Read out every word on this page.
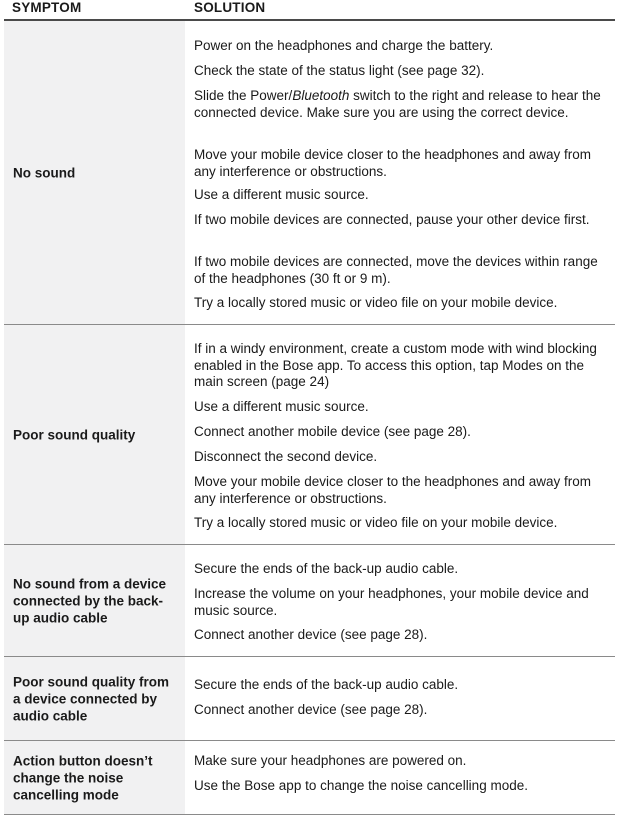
SYMPTOM	SOLUTION
No sound
Power on the headphones and charge the battery.
Check the state of the status light (see page 32).
Slide the Power/Bluetooth switch to the right and release to hear the connected device. Make sure you are using the correct device.
Move your mobile device closer to the headphones and away from any interference or obstructions.
Use a different music source.
If two mobile devices are connected, pause your other device first.
If two mobile devices are connected, move the devices within range of the headphones (30 ft or 9 m).
Try a locally stored music or video file on your mobile device.
Poor sound quality
If in a windy environment, create a custom mode with wind blocking enabled in the Bose app. To access this option, tap Modes on the main screen (page 24)
Use a different music source.
Connect another mobile device (see page 28).
Disconnect the second device.
Move your mobile device closer to the headphones and away from any interference or obstructions.
Try a locally stored music or video file on your mobile device.
No sound from a device connected by the back-up audio cable
Secure the ends of the back-up audio cable.
Increase the volume on your headphones, your mobile device and music source.
Connect another device (see page 28).
Poor sound quality from a device connected by audio cable
Secure the ends of the back-up audio cable.
Connect another device (see page 28).
Action button doesn’t change the noise cancelling mode
Make sure your headphones are powered on.
Use the Bose app to change the noise cancelling mode.
